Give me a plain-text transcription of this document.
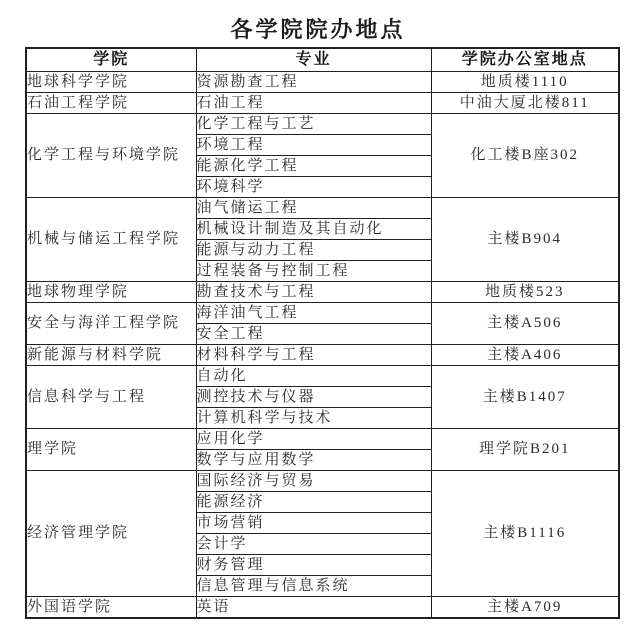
各学院院办地点
学院	专业	学院办公室地点
地球科学学院	资源勘查工程	地质楼1110
石油工程学院	石油工程	中油大厦北楼811
化学工程与环境学院	化学工程与工艺	化工楼B座302
	环境工程	
	能源化学工程	
	环境科学	
机械与储运工程学院	油气储运工程	主楼B904
	机械设计制造及其自动化	
	能源与动力工程	
	过程装备与控制工程	
地球物理学院	勘查技术与工程	地质楼523
安全与海洋工程学院	海洋油气工程	主楼A506
	安全工程	
新能源与材料学院	材料科学与工程	主楼A406
信息科学与工程	自动化	主楼B1407
	测控技术与仪器	
	计算机科学与技术	
理学院	应用化学	理学院B201
	数学与应用数学	
经济管理学院	国际经济与贸易	主楼B1116
	能源经济	
	市场营销	
	会计学	
	财务管理	
	信息管理与信息系统	
外国语学院	英语	主楼A709
